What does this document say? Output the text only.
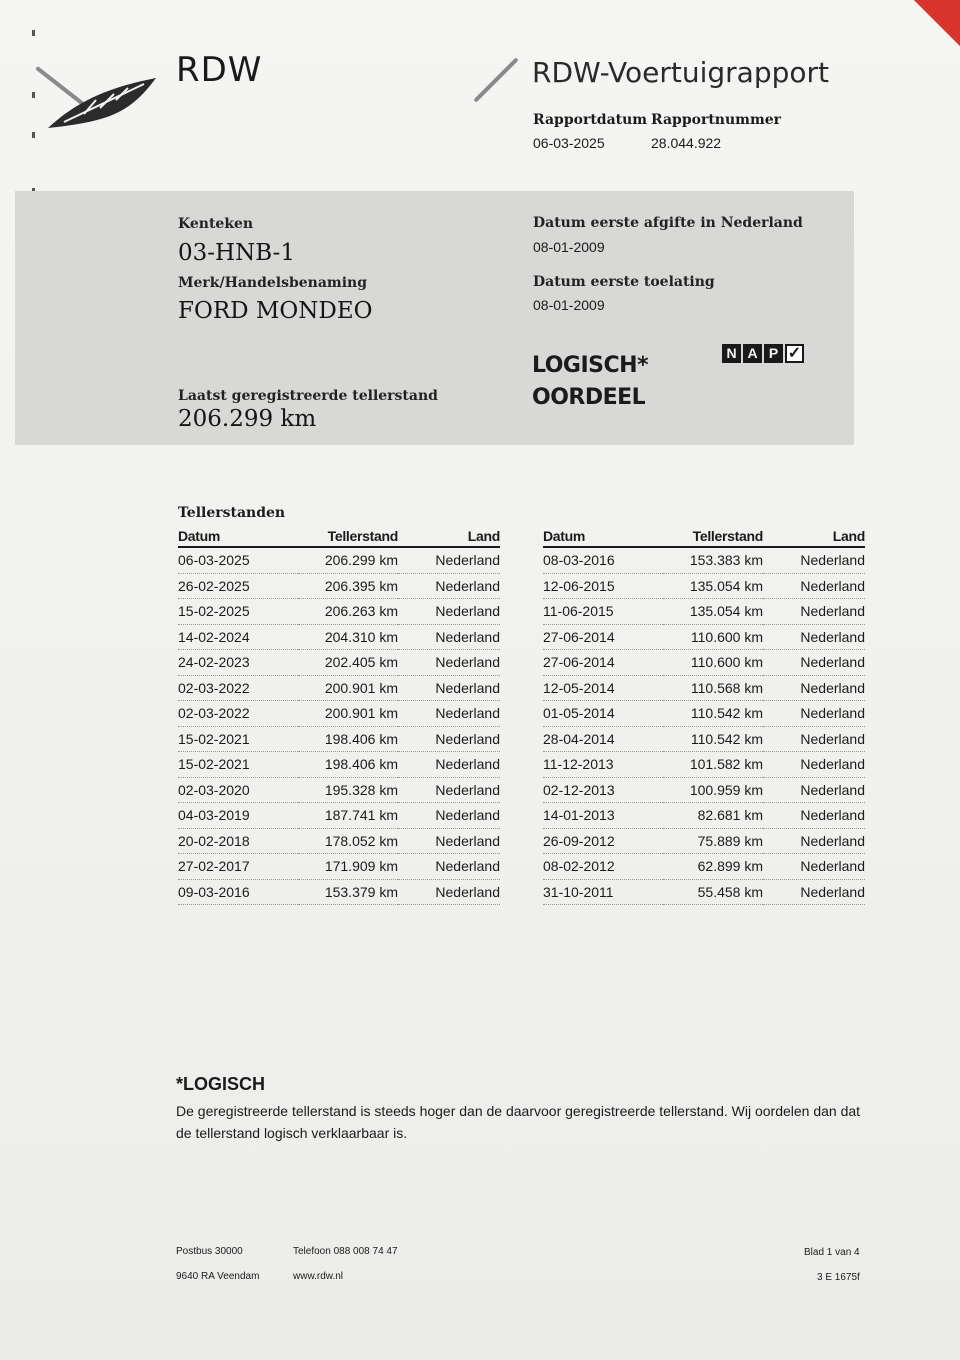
RDW	RDW-Voertuigrapport
Rapportdatum
06-03-2025
Rapportnummer
28.044.922
Kenteken
03-HNB-1
Merk/Handelsbenaming
FORD MONDEO
Laatst geregistreerde tellerstand
206.299 km
Datum eerste afgifte in Nederland
08-01-2009
Datum eerste toelating
08-01-2009
LOGISCH*
OORDEEL
N A P ✓
Tellerstanden
Datum	Tellerstand	Land
06-03-2025	206.299 km	Nederland
26-02-2025	206.395 km	Nederland
15-02-2025	206.263 km	Nederland
14-02-2024	204.310 km	Nederland
24-02-2023	202.405 km	Nederland
02-03-2022	200.901 km	Nederland
02-03-2022	200.901 km	Nederland
15-02-2021	198.406 km	Nederland
15-02-2021	198.406 km	Nederland
02-03-2020	195.328 km	Nederland
04-03-2019	187.741 km	Nederland
20-02-2018	178.052 km	Nederland
27-02-2017	171.909 km	Nederland
09-03-2016	153.379 km	Nederland
Datum	Tellerstand	Land
08-03-2016	153.383 km	Nederland
12-06-2015	135.054 km	Nederland
11-06-2015	135.054 km	Nederland
27-06-2014	110.600 km	Nederland
27-06-2014	110.600 km	Nederland
12-05-2014	110.568 km	Nederland
01-05-2014	110.542 km	Nederland
28-04-2014	110.542 km	Nederland
11-12-2013	101.582 km	Nederland
02-12-2013	100.959 km	Nederland
14-01-2013	82.681 km	Nederland
26-09-2012	75.889 km	Nederland
08-02-2012	62.899 km	Nederland
31-10-2011	55.458 km	Nederland
*LOGISCH
De geregistreerde tellerstand is steeds hoger dan de daarvoor geregistreerde tellerstand. Wij oordelen dan dat de tellerstand logisch verklaarbaar is.
Postbus 30000
9640 RA Veendam
Telefoon 088 008 74 47
www.rdw.nl
Blad 1 van 4
3 E 1675f
